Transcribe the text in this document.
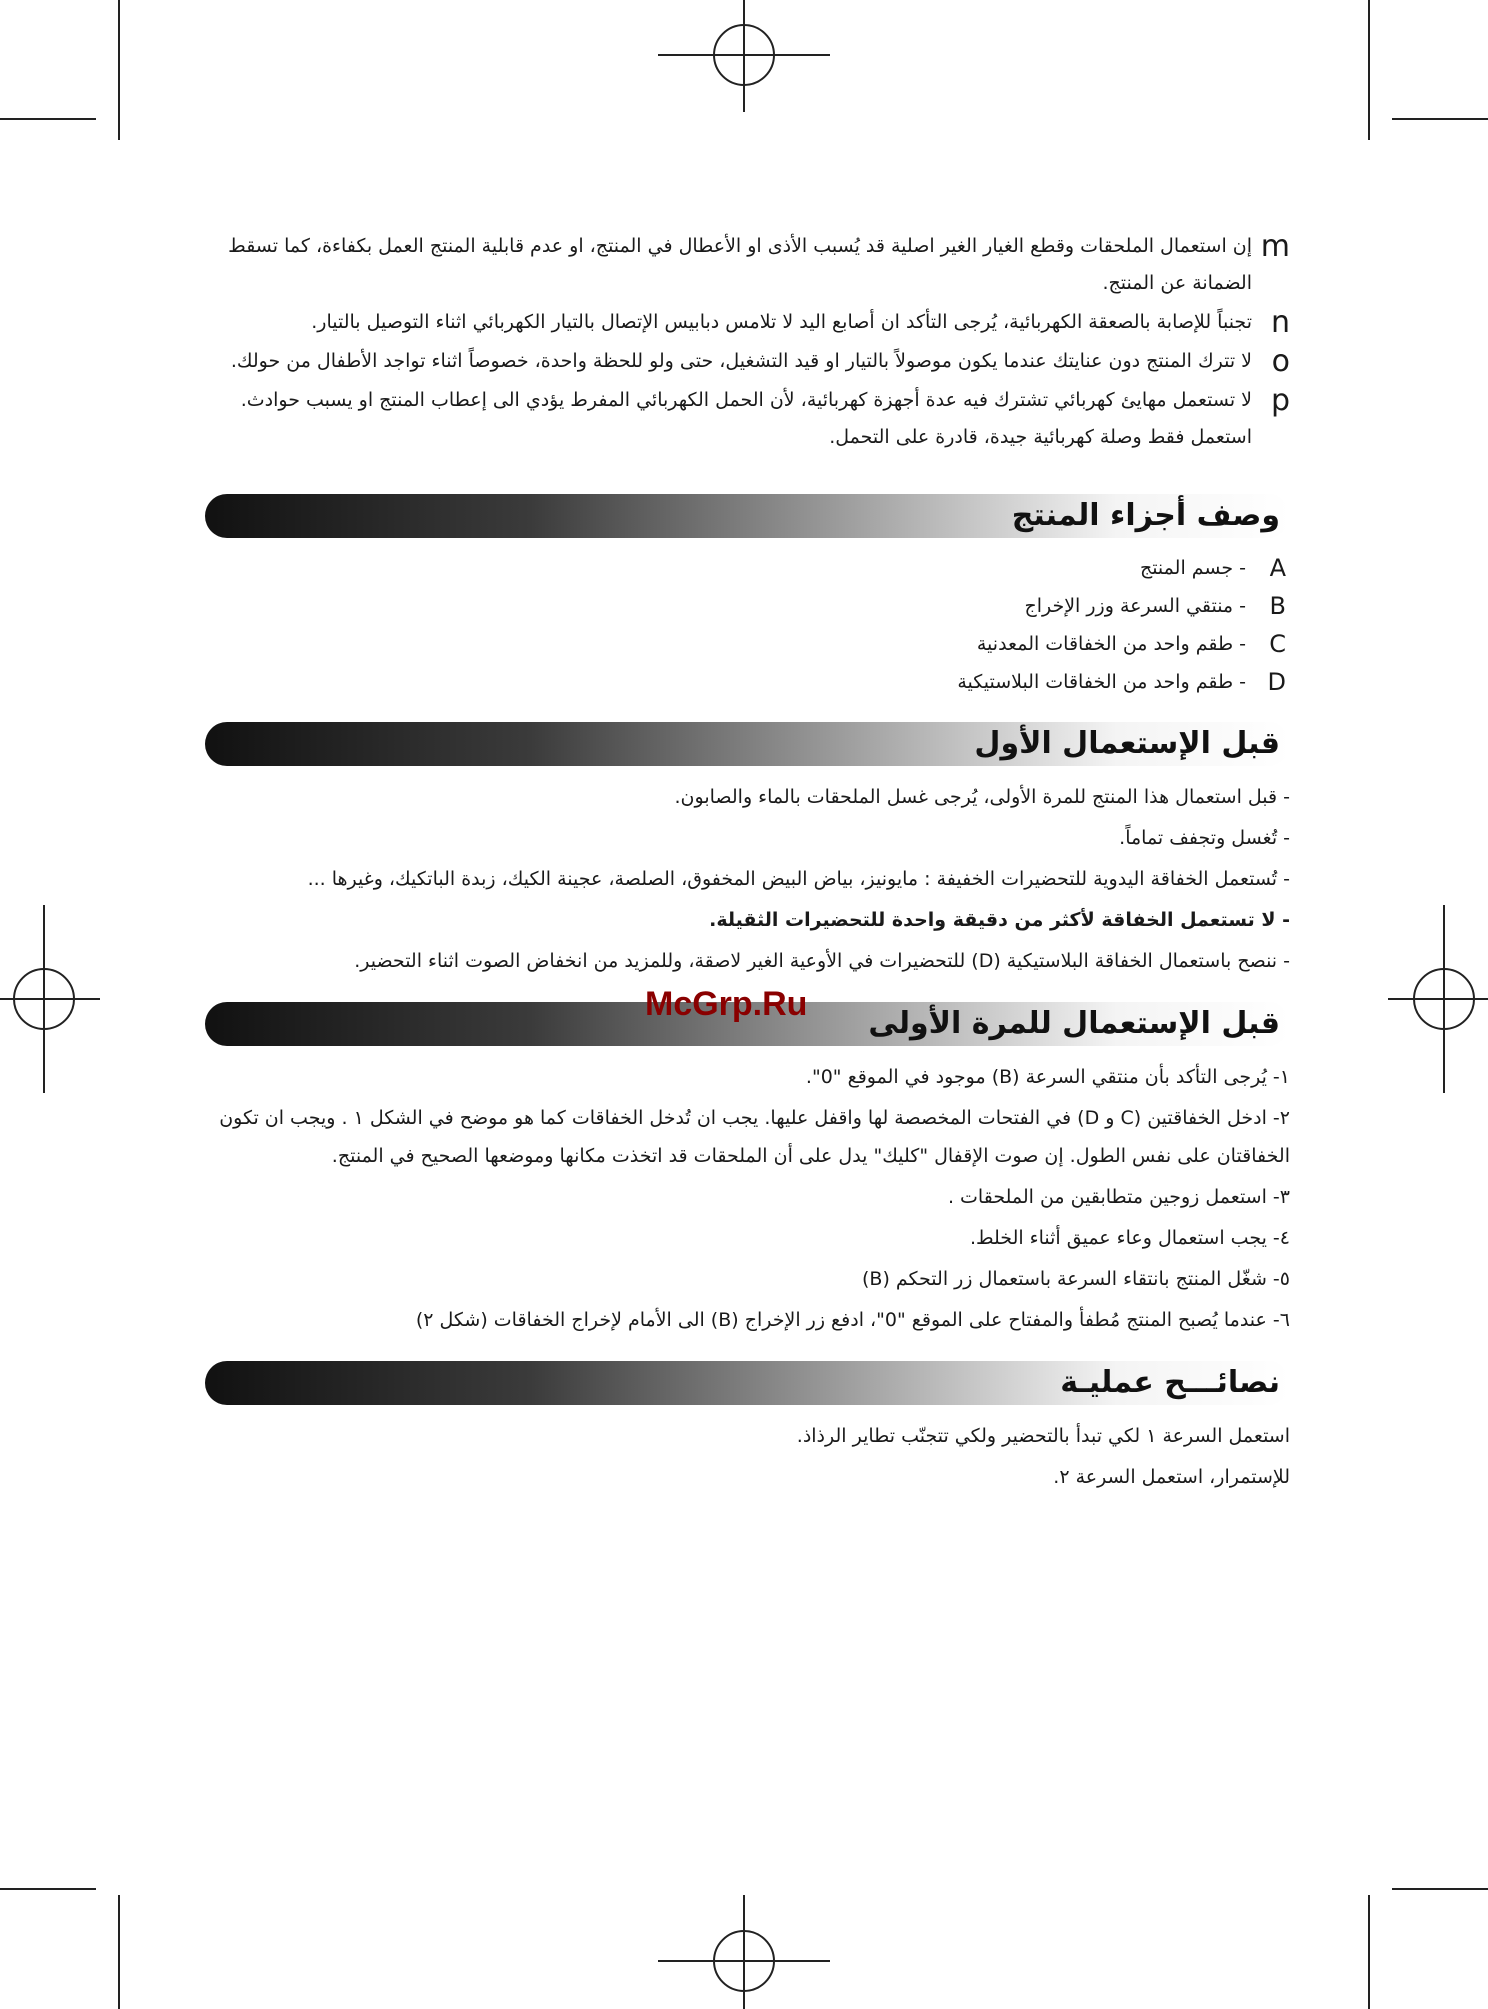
m
إن استعمال الملحقات وقطع الغيار الغير اصلية قد يُسبب الأذى او الأعطال في المنتج، او عدم قابلية المنتج العمل بكفاءة، كما تسقط الضمانة عن المنتج.
n
تجنباً للإصابة بالصعقة الكهربائية، يُرجى التأكد ان أصابع اليد لا تلامس دبابيس الإتصال بالتيار الكهربائي اثناء التوصيل بالتيار.
o
لا تترك المنتج دون عنايتك عندما يكون موصولاً بالتيار او قيد التشغيل، حتى ولو للحظة واحدة، خصوصاً اثناء تواجد الأطفال من حولك.
p
لا تستعمل مهايئ كهربائي تشترك فيه عدة أجهزة كهربائية، لأن الحمل الكهربائي المفرط يؤدي الى إعطاب المنتج او يسبب حوادث. استعمل فقط وصلة كهربائية جيدة، قادرة على التحمل.
وصف أجزاء المنتج
A
- جسم المنتج
B
- منتقي السرعة وزر الإخراج
C
- طقم واحد من الخفاقات المعدنية
D
- طقم واحد من الخفاقات البلاستيكية
قبل الإستعمال الأول
- قبل استعمال هذا المنتج للمرة الأولى، يُرجى غسل الملحقات بالماء والصابون.
- تُغسل وتجفف تماماً.
- تُستعمل الخفاقة اليدوية للتحضيرات الخفيفة : مايونيز، بياض البيض المخفوق، الصلصة، عجينة الكيك، زبدة الباتكيك، وغيرها ...
- لا تستعمل الخفاقة لأكثر من دقيقة واحدة للتحضيرات الثقيلة.
- ننصح باستعمال الخفاقة البلاستيكية (D) للتحضيرات في الأوعية الغير لاصقة، وللمزيد من انخفاض الصوت اثناء التحضير.
قبل الإستعمال للمرة الأولى
١- يُرجى التأكد بأن منتقي السرعة (B) موجود في الموقع "0".
٢- ادخل الخفاقتين (C و D) في الفتحات المخصصة لها واقفل عليها. يجب ان تُدخل الخفاقات كما هو موضح في الشكل ١ . ويجب ان تكون الخفاقتان على نفس الطول. إن صوت الإقفال "كليك" يدل على أن الملحقات قد اتخذت مكانها وموضعها الصحيح في المنتج.
٣- استعمل زوجين متطابقين من الملحقات .
٤- يجب استعمال وعاء عميق أثناء الخلط.
٥- شغّل المنتج بانتقاء السرعة باستعمال زر التحكم (B)
٦- عندما يُصبح المنتج مُطفأ والمفتاح على الموقع "0"، ادفع زر الإخراج (B) الى الأمام لإخراج الخفاقات (شكل ٢)
نصائـــح عمليـة
استعمل السرعة ١ لكي تبدأ بالتحضير ولكي تتجنّب تطاير الرذاذ.
للإستمرار، استعمل السرعة ٢.
McGrp.Ru
